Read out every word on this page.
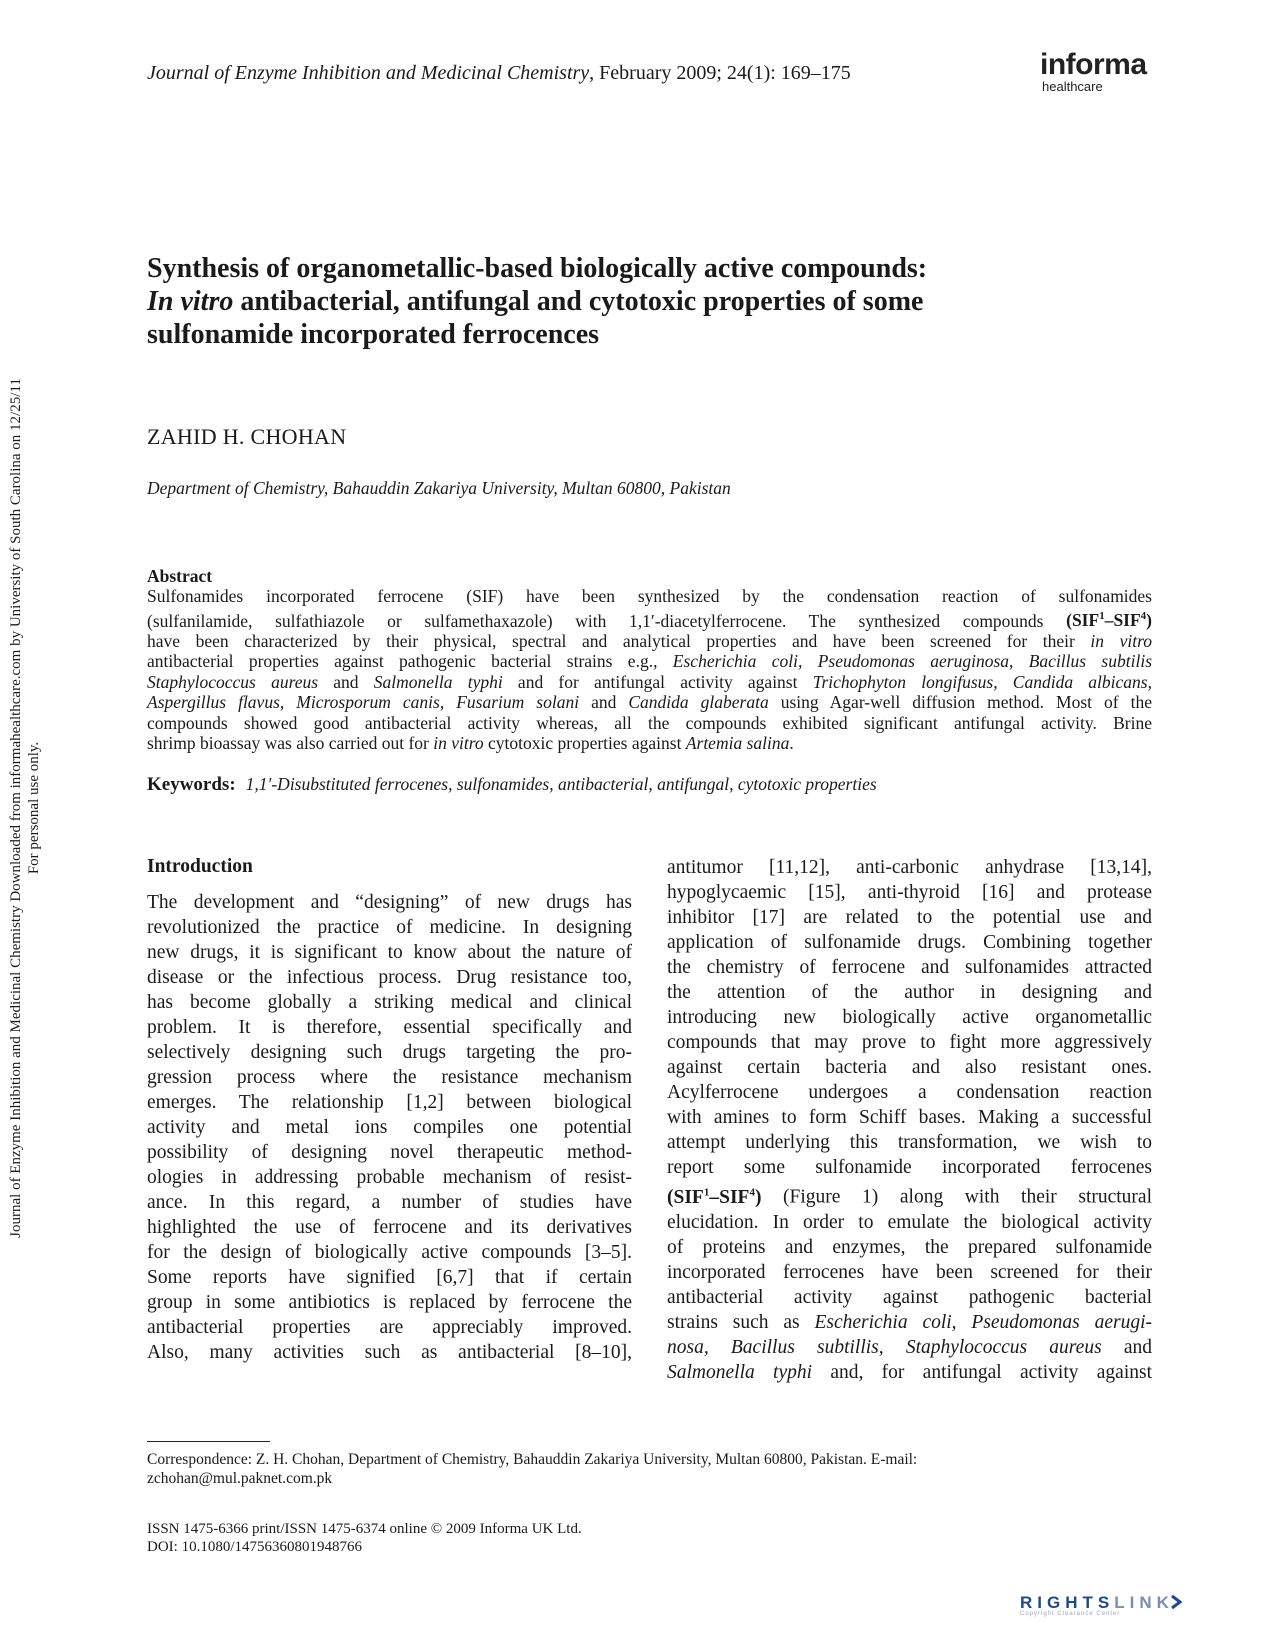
Journal of Enzyme Inhibition and Medicinal Chemistry, February 2009; 24(1): 169–175	informa
healthcare
Journal of Enzyme Inhibition and Medicinal Chemistry Downloaded from informahealthcare.com by University of South Carolina on 12/25/11 For personal use only.
Synthesis of organometallic-based biologically active compounds:
In vitro antibacterial, antifungal and cytotoxic properties of some
sulfonamide incorporated ferrocences
ZAHID H. CHOHAN
Department of Chemistry, Bahauddin Zakariya University, Multan 60800, Pakistan
Abstract
Sulfonamides incorporated ferrocene (SIF) have been synthesized by the condensation reaction of sulfonamides
(sulfanilamide, sulfathiazole or sulfamethaxazole) with 1,1′-diacetylferrocene. The synthesized compounds (SIF$^1$–SIF$^4$)
have been characterized by their physical, spectral and analytical properties and have been screened for their in vitro
antibacterial properties against pathogenic bacterial strains e.g., Escherichia coli, Pseudomonas aeruginosa, Bacillus subtilis
Staphylococcus aureus and Salmonella typhi and for antifungal activity against Trichophyton longifusus, Candida albicans,
Aspergillus flavus, Microsporum canis, Fusarium solani and Candida glaberata using Agar-well diffusion method. Most of the
compounds showed good antibacterial activity whereas, all the compounds exhibited significant antifungal activity. Brine
shrimp bioassay was also carried out for in vitro cytotoxic properties against Artemia salina.
Keywords: 1,1′-Disubstituted ferrocenes, sulfonamides, antibacterial, antifungal, cytotoxic properties
Introduction
The development and “designing” of new drugs has
revolutionized the practice of medicine. In designing
new drugs, it is significant to know about the nature of
disease or the infectious process. Drug resistance too,
has become globally a striking medical and clinical
problem. It is therefore, essential specifically and
selectively designing such drugs targeting the pro-
gression process where the resistance mechanism
emerges. The relationship [1,2] between biological
activity and metal ions compiles one potential
possibility of designing novel therapeutic method-
ologies in addressing probable mechanism of resist-
ance. In this regard, a number of studies have
highlighted the use of ferrocene and its derivatives
for the design of biologically active compounds [3–5].
Some reports have signified [6,7] that if certain
group in some antibiotics is replaced by ferrocene the
antibacterial properties are appreciably improved.
Also, many activities such as antibacterial [8–10],
antitumor [11,12], anti-carbonic anhydrase [13,14],
hypoglycaemic [15], anti-thyroid [16] and protease
inhibitor [17] are related to the potential use and
application of sulfonamide drugs. Combining together
the chemistry of ferrocene and sulfonamides attracted
the attention of the author in designing and
introducing new biologically active organometallic
compounds that may prove to fight more aggressively
against certain bacteria and also resistant ones.
Acylferrocene undergoes a condensation reaction
with amines to form Schiff bases. Making a successful
attempt underlying this transformation, we wish to
report some sulfonamide incorporated ferrocenes
(SIF$^1$–SIF$^4$) (Figure 1) along with their structural
elucidation. In order to emulate the biological activity
of proteins and enzymes, the prepared sulfonamide
incorporated ferrocenes have been screened for their
antibacterial activity against pathogenic bacterial
strains such as Escherichia coli, Pseudomonas aerugi-
nosa, Bacillus subtillis, Staphylococcus aureus and
Salmonella typhi and, for antifungal activity against
Correspondence: Z. H. Chohan, Department of Chemistry, Bahauddin Zakariya University, Multan 60800, Pakistan. E-mail:
zchohan@mul.paknet.com.pk
ISSN 1475-6366 print/ISSN 1475-6374 online © 2009 Informa UK Ltd.
DOI: 10.1080/14756360801948766
RIGHTSLINK
Copyright Clearance Center
